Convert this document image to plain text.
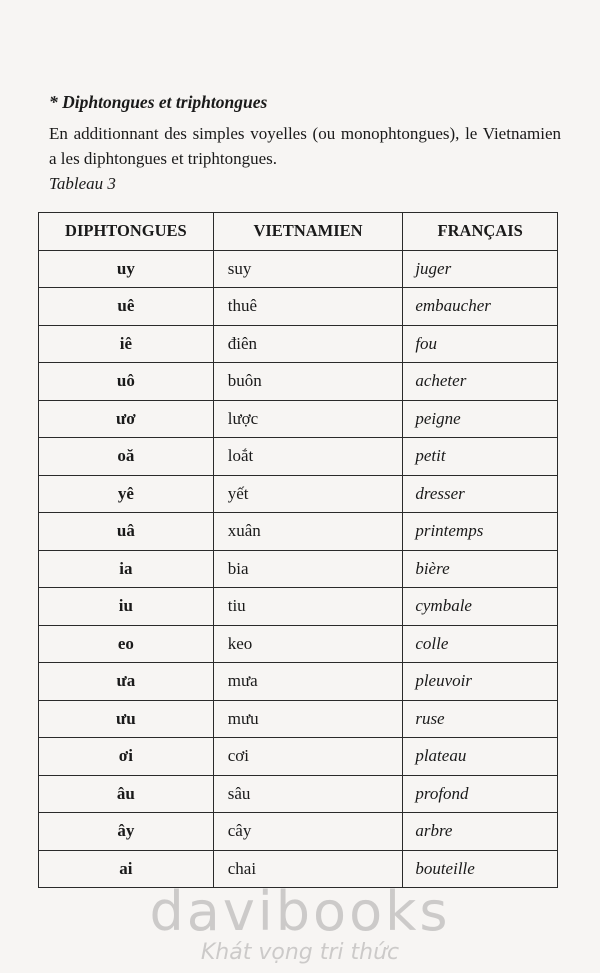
* Diphtongues et triphtongues

En additionnant des simples voyelles (ou monophtongues), le Vietnamien a les diphtongues et triphtongues.

Tableau 3

DIPHTONGUES	VIETNAMIEN	FRANÇAIS
uy	suy	juger
uê	thuê	embaucher
iê	điên	fou
uô	buôn	acheter
ươ	lược	peigne
oă	loắt	petit
yê	yết	dresser
uâ	xuân	printemps
ia	bia	bière
iu	tiu	cymbale
eo	keo	colle
ưa	mưa	pleuvoir
ưu	mưu	ruse
ơi	cơi	plateau
âu	sâu	profond
ây	cây	arbre
ai	chai	bouteille
davibooks
Khát vọng tri thức
